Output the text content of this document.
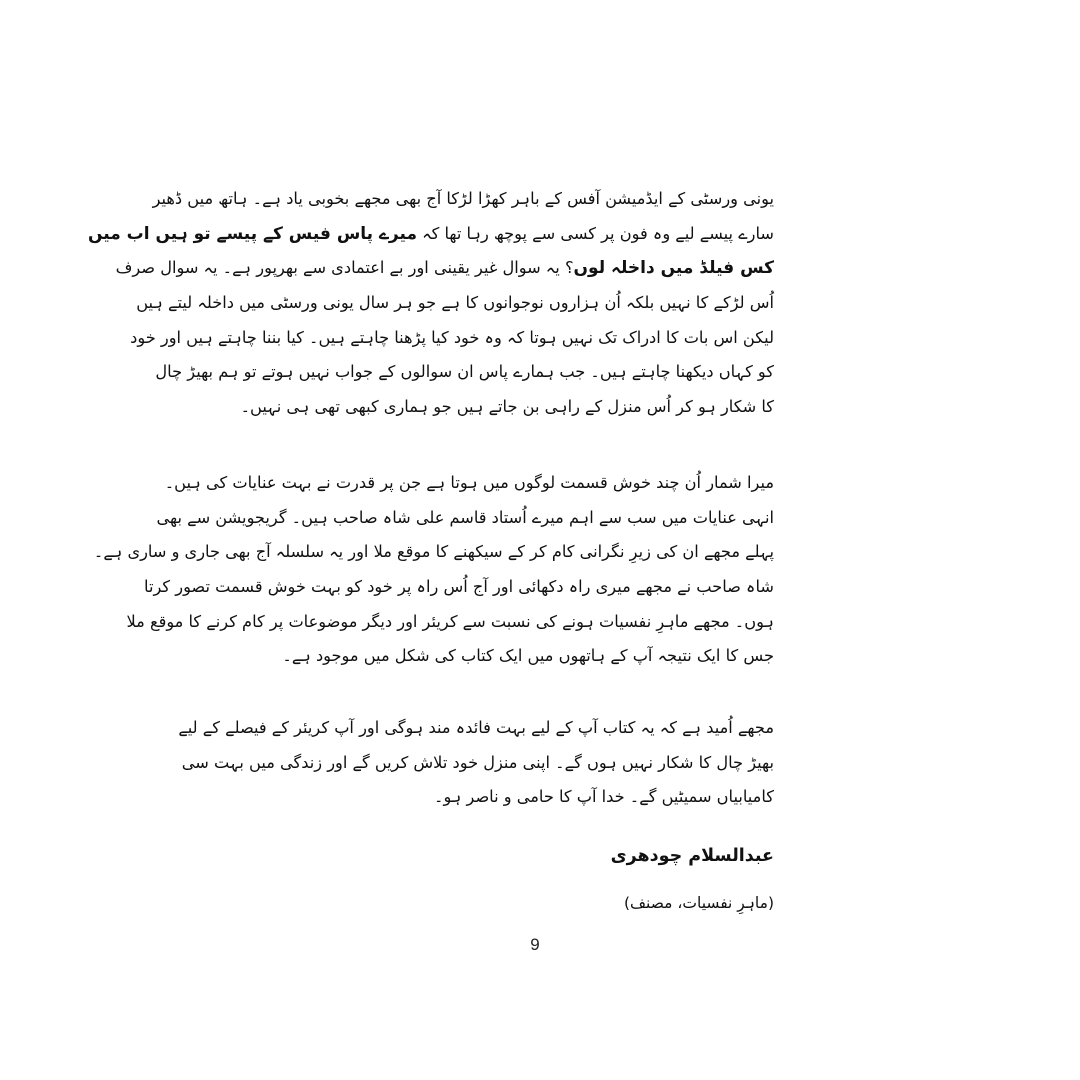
یونی ورسٹی کے ایڈمیشن آفس کے باہر کھڑا لڑکا آج بھی مجھے بخوبی یاد ہے۔ ہاتھ میں ڈھیر
سارے پیسے لیے وہ فون پر کسی سے پوچھ رہا تھا کہ میرے پاس فیس کے پیسے تو ہیں اب میں
کس فیلڈ میں داخلہ لوں؟ یہ سوال غیر یقینی اور بے اعتمادی سے بھرپور ہے۔ یہ سوال صرف
اُس لڑکے کا نہیں بلکہ اُن ہزاروں نوجوانوں کا ہے جو ہر سال یونی ورسٹی میں داخلہ لیتے ہیں
لیکن اس بات کا ادراک تک نہیں ہوتا کہ وہ خود کیا پڑھنا چاہتے ہیں۔ کیا بننا چاہتے ہیں اور خود
کو کہاں دیکھنا چاہتے ہیں۔ جب ہمارے پاس ان سوالوں کے جواب نہیں ہوتے تو ہم بھیڑ چال
کا شکار ہو کر اُس منزل کے راہی بن جاتے ہیں جو ہماری کبھی تھی ہی نہیں۔
میرا شمار اُن چند خوش قسمت لوگوں میں ہوتا ہے جن پر قدرت نے بہت عنایات کی ہیں۔
انہی عنایات میں سب سے اہم میرے اُستاد قاسم علی شاہ صاحب ہیں۔ گریجویشن سے بھی
پہلے مجھے ان کی زیرِ نگرانی کام کر کے سیکھنے کا موقع ملا اور یہ سلسلہ آج بھی جاری و ساری ہے۔
شاہ صاحب نے مجھے میری راہ دکھائی اور آج اُس راہ پر خود کو بہت خوش قسمت تصور کرتا
ہوں۔ مجھے ماہرِ نفسیات ہونے کی نسبت سے کریئر اور دیگر موضوعات پر کام کرنے کا موقع ملا
جس کا ایک نتیجہ آپ کے ہاتھوں میں ایک کتاب کی شکل میں موجود ہے۔
مجھے اُمید ہے کہ یہ کتاب آپ کے لیے بہت فائدہ مند ہوگی اور آپ کریئر کے فیصلے کے لیے
بھیڑ چال کا شکار نہیں ہوں گے۔ اپنی منزل خود تلاش کریں گے اور زندگی میں بہت سی
کامیابیاں سمیٹیں گے۔ خدا آپ کا حامی و ناصر ہو۔
عبدالسلام چودھری
(ماہرِ نفسیات، مصنف)
9
